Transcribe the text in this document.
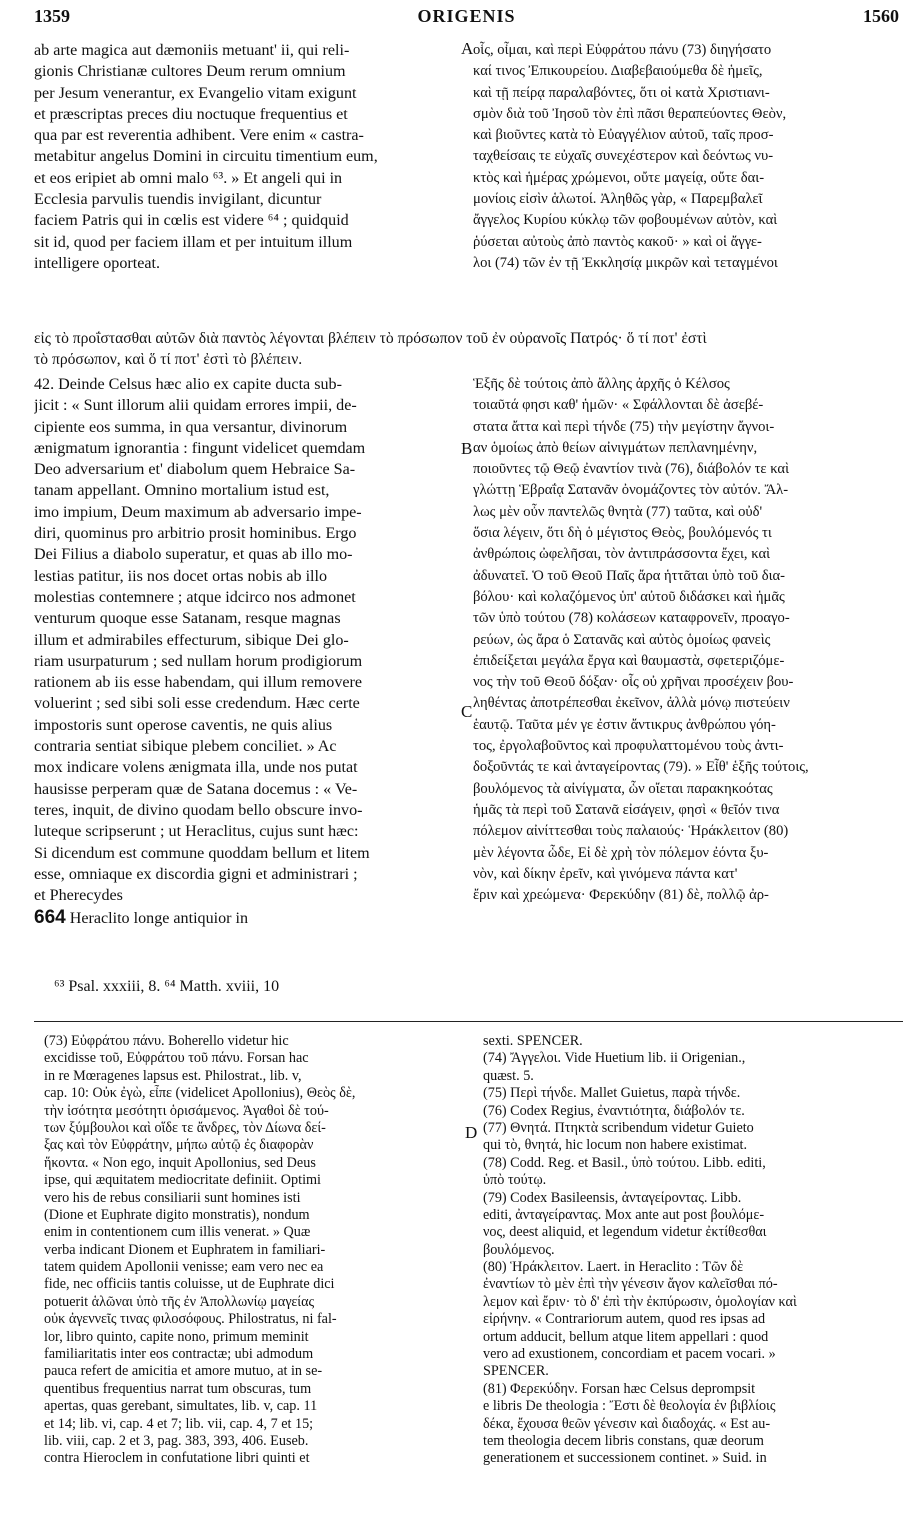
1359	ORIGENIS	1560
A
B
C
D
ab arte magica aut dæmoniis metuant' ii, qui reli-
gionis Christianæ cultores Deum rerum omnium
per Jesum venerantur, ex Evangelio vitam exigunt
et præscriptas preces diu noctuque frequentius et
qua par est reverentia adhibent. Vere enim « castra-
metabitur angelus Domini in circuitu timentium eum,
et eos eripiet ab omni malo ⁶³. » Et angeli qui in
Ecclesia parvulis tuendis invigilant, dicuntur
faciem Patris qui in cœlis est videre ⁶⁴ ; quidquid
sit id, quod per faciem illam et per intuitum illum
intelligere oporteat.
οἷς, οἶμαι, καὶ περὶ Εὐφράτου πάνυ (73) διηγήσατο
καί τινος Ἐπικουρείου. Διαβεβαιούμεθα δὲ ἡμεῖς,
καὶ τῇ πείρᾳ παραλαβόντες, ὅτι οἱ κατὰ Χριστιανι-
σμὸν διὰ τοῦ Ἰησοῦ τὸν ἐπὶ πᾶσι θεραπεύοντες Θεὸν,
καὶ βιοῦντες κατὰ τὸ Εὐαγγέλιον αὐτοῦ, ταῖς προσ-
ταχθείσαις τε εὐχαῖς συνεχέστερον καὶ δεόντως νυ-
κτὸς καὶ ἡμέρας χρώμενοι, οὔτε μαγείᾳ, οὔτε δαι-
μονίοις εἰσὶν ἁλωτοί. Ἀληθῶς γὰρ, « Παρεμβαλεῖ
ἄγγελος Κυρίου κύκλῳ τῶν φοβουμένων αὐτὸν, καὶ
ῥύσεται αὐτοὺς ἀπὸ παντὸς κακοῦ· » καὶ οἱ ἄγγε-
λοι (74) τῶν ἐν τῇ Ἐκκλησίᾳ μικρῶν καὶ τεταγμένοι
εἰς τὸ προΐστασθαι αὐτῶν διὰ παντὸς λέγονται βλέπειν τὸ πρόσωπον τοῦ ἐν οὐρανοῖς Πατρός· ὅ τί ποτ' ἐστὶ
τὸ πρόσωπον, καὶ ὅ τί ποτ' ἐστὶ τὸ βλέπειν.
42. Deinde Celsus hæc alio ex capite ducta sub-
jicit : « Sunt illorum alii quidam errores impii, de-
cipiente eos summa, in qua versantur, divinorum
ænigmatum ignorantia : fingunt videlicet quemdam
Deo adversarium et' diabolum quem Hebraice Sa-
tanam appellant. Omnino mortalium istud est,
imo impium, Deum maximum ab adversario impe-
diri, quominus pro arbitrio prosit hominibus. Ergo
Dei Filius a diabolo superatur, et quas ab illo mo-
lestias patitur, iis nos docet ortas nobis ab illo
molestias contemnere ; atque idcirco nos admonet
venturum quoque esse Satanam, resque magnas
illum et admirabiles effecturum, sibique Dei glo-
riam usurpaturum ; sed nullam horum prodigiorum
rationem ab iis esse habendam, qui illum removere
voluerint ; sed sibi soli esse credendum. Hæc certe
impostoris sunt operose caventis, ne quis alius
contraria sentiat sibique plebem conciliet. » Ac
mox indicare volens ænigmata illa, unde nos putat
hausisse perperam quæ de Satana docemus : « Ve-
teres, inquit, de divino quodam bello obscure invo-
luteque scripserunt ; ut Heraclitus, cujus sunt hæc:
Si dicendum est commune quoddam bellum et litem
esse, omniaque ex discordia gigni et administrari ;
et Pherecydes
664 Heraclito longe antiquior in
Ἑξῆς δὲ τούτοις ἀπὸ ἄλλης ἀρχῆς ὁ Κέλσος
τοιαῦτά φησι καθ' ἡμῶν· « Σφάλλονται δὲ ἀσεβέ-
στατα ἄττα καὶ περὶ τήνδε (75) τὴν μεγίστην ἄγνοι-
αν ὁμοίως ἀπὸ θείων αἰνιγμάτων πεπλανημένην,
ποιοῦντες τῷ Θεῷ ἐναντίον τινὰ (76), διάβολόν τε καὶ
γλώττῃ Ἑβραΐᾳ Σατανᾶν ὀνομάζοντες τὸν αὐτόν. Ἄλ-
λως μὲν οὖν παντελῶς θνητὰ (77) ταῦτα, καὶ οὐδ'
ὅσια λέγειν, ὅτι δὴ ὁ μέγιστος Θεὸς, βουλόμενός τι
ἀνθρώποις ὠφελῆσαι, τὸν ἀντιπράσσοντα ἔχει, καὶ
ἀδυνατεῖ. Ὁ τοῦ Θεοῦ Παῖς ἄρα ἡττᾶται ὑπὸ τοῦ δια-
βόλου· καὶ κολαζόμενος ὑπ' αὐτοῦ διδάσκει καὶ ἡμᾶς
τῶν ὑπὸ τούτου (78) κολάσεων καταφρονεῖν, προαγο-
ρεύων, ὡς ἄρα ὁ Σατανᾶς καὶ αὐτὸς ὁμοίως φανεὶς
ἐπιδείξεται μεγάλα ἔργα καὶ θαυμαστὰ, σφετεριζόμε-
νος τὴν τοῦ Θεοῦ δόξαν· οἷς οὐ χρῆναι προσέχειν βου-
ληθέντας ἀποτρέπεσθαι ἐκεῖνον, ἀλλὰ μόνῳ πιστεύειν
ἑαυτῷ. Ταῦτα μέν γε ἐστιν ἄντικρυς ἀνθρώπου γόη-
τος, ἐργολαβοῦντος καὶ προφυλαττομένου τοὺς ἀντι-
δοξοῦντάς τε καὶ ἀνταγείροντας (79). » Εἶθ' ἑξῆς τούτοις,
βουλόμενος τὰ αἰνίγματα, ὧν οἴεται παρακηκοότας
ἡμᾶς τὰ περὶ τοῦ Σατανᾶ εἰσάγειν, φησὶ « θεῖόν τινα
πόλεμον αἰνίττεσθαι τοὺς παλαιούς· Ἡράκλειτον (80)
μὲν λέγοντα ὧδε, Εἰ δὲ χρὴ τὸν πόλεμον ἐόντα ξυ-
νὸν, καὶ δίκην ἐρεῖν, καὶ γινόμενα πάντα κατ'
ἔριν καὶ χρεώμενα· Φερεκύδην (81) δὲ, πολλῷ ἀρ-
⁶³ Psal. xxxiii, 8. ⁶⁴ Matth. xviii, 10
(73) Εὐφράτου πάνυ. Boherello videtur hic
excidisse τοῦ, Εὐφράτου τοῦ πάνυ. Forsan hac
in re Mœragenes lapsus est. Philostrat., lib. v,
cap. 10: Οὐκ ἐγὼ, εἶπε (videlicet Apollonius), Θεὸς δὲ,
τὴν ἰσότητα μεσότητι ὁρισάμενος. Ἀγαθοὶ δὲ τού-
των ξύμβουλοι καὶ οἵδε τε ἄνδρες, τὸν Δίωνα δεί-
ξας καὶ τὸν Εὐφράτην, μήπω αὐτῷ ἐς διαφορὰν
ἥκοντα. « Non ego, inquit Apollonius, sed Deus
ipse, qui æquitatem mediocritate definiit. Optimi
vero his de rebus consiliarii sunt homines isti
(Dione et Euphrate digito monstratis), nondum
enim in contentionem cum illis venerat. » Quæ
verba indicant Dionem et Euphratem in familiari-
tatem quidem Apollonii venisse; eam vero nec ea
fide, nec officiis tantis coluisse, ut de Euphrate dici
potuerit ἁλῶναι ὑπὸ τῆς ἐν Ἀπολλωνίῳ μαγείας
οὐκ ἀγεννεῖς τινας φιλοσόφους. Philostratus, ni fal-
lor, libro quinto, capite nono, primum meminit
familiaritatis inter eos contractæ; ubi admodum
pauca refert de amicitia et amore mutuo, at in se-
quentibus frequentius narrat tum obscuras, tum
apertas, quas gerebant, simultates, lib. v, cap. 11
et 14; lib. vi, cap. 4 et 7; lib. vii, cap. 4, 7 et 15;
lib. viii, cap. 2 et 3, pag. 383, 393, 406. Euseb.
contra Hieroclem in confutatione libri quinti et
sexti. SPENCER.
(74) Ἄγγελοι. Vide Huetium lib. ii Origenian.,
quæst. 5.
(75) Περὶ τήνδε. Mallet Guietus, παρὰ τήνδε.
(76) Codex Regius, ἐναντιότητα, διάβολόν τε.
(77) Θνητά. Πτηκτὰ scribendum videtur Guieto
qui τὸ, θνητά, hic locum non habere existimat.
(78) Codd. Reg. et Basil., ὑπὸ τούτου. Libb. editi,
ὑπὸ τούτῳ.
(79) Codex Basileensis, ἀνταγείροντας. Libb.
editi, ἀνταγείραντας. Mox ante aut post βουλόμε-
νος, deest aliquid, et legendum videtur ἐκτίθεσθαι
βουλόμενος.
(80) Ἡράκλειτον. Laert. in Heraclito : Τῶν δὲ
ἐναντίων τὸ μὲν ἐπὶ τὴν γένεσιν ἄγον καλεῖσθαι πό-
λεμον καὶ ἔριν· τὸ δ' ἐπὶ τὴν ἐκπύρωσιν, ὁμολογίαν καὶ
εἰρήνην. « Contrariorum autem, quod res ipsas ad
ortum adducit, bellum atque litem appellari : quod
vero ad exustionem, concordiam et pacem vocari. »
SPENCER.
(81) Φερεκύδην. Forsan hæc Celsus deprompsit
e libris De theologia : Ἔστι δὲ θεολογία ἐν βιβλίοις
δέκα, ἔχουσα θεῶν γένεσιν καὶ διαδοχάς. « Est au-
tem theologia decem libris constans, quæ deorum
generationem et successionem continet. » Suid. in
